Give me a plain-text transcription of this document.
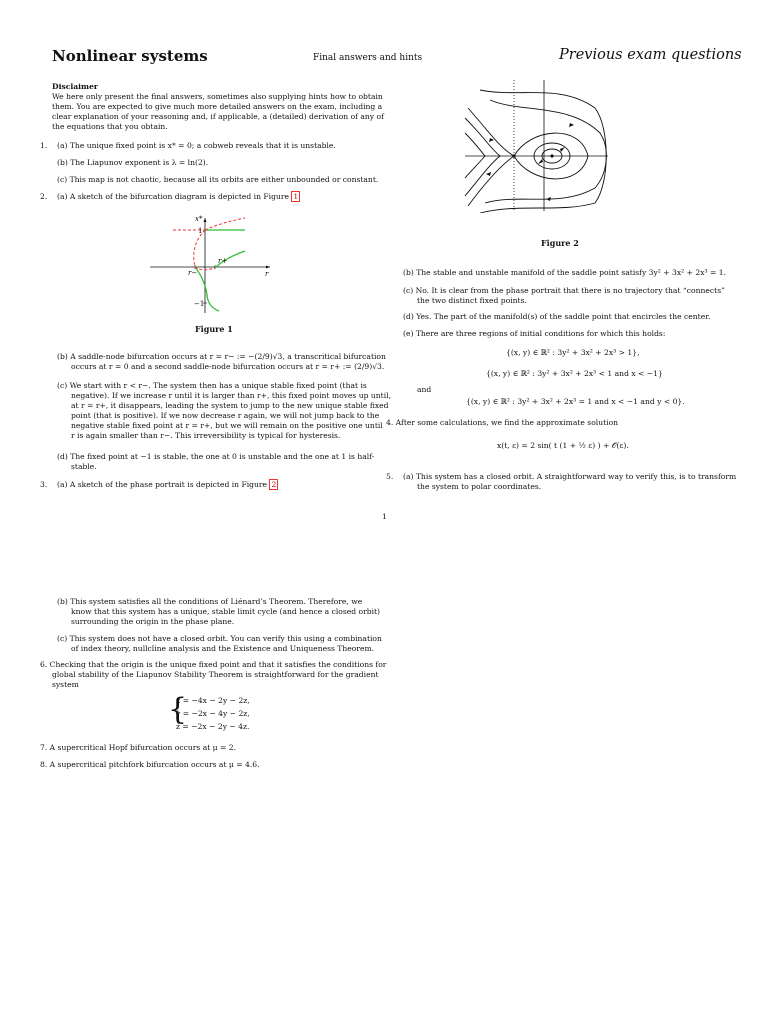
Nonlinear systems	Final answers and hints	Previous exam questions
Disclaimer
We here only present the final answers, sometimes also supplying hints how to obtain
them. You are expected to give much more detailed answers on the exam, including a
clear explanation of your reasoning and, if applicable, a (detailed) derivation of any of
the equations that you obtain.
1. (a) The unique fixed point is x* = 0; a cobweb reveals that it is unstable.
(b) The Liapunov exponent is λ = ln(2).
(c) This map is not chaotic, because all its orbits are either unbounded or constant.
2. (a) A sketch of the bifurcation diagram is depicted in Figure 1
x*
1
−1
r−
r+
r
Figure 1
(b) A saddle-node bifurcation occurs at r = r− := −(2/9)√3, a transcritical bifurcation
occurs at r = 0 and a second saddle-node bifurcation occurs at r = r+ := (2/9)√3.
(c) We start with r < r−. The system then has a unique stable fixed point (that is
negative). If we increase r until it is larger than r+, this fixed point moves up until,
at r = r+, it disappears, leading the system to jump to the new unique stable fixed
point (that is positive). If we now decrease r again, we will not jump back to the
negative stable fixed point at r = r+, but we will remain on the positive one until
r is again smaller than r−. This irreversibility is typical for hysteresis.
(d) The fixed point at −1 is stable, the one at 0 is unstable and the one at 1 is half-
stable.
3. (a) A sketch of the phase portrait is depicted in Figure 2
Figure 2
(b) The stable and unstable manifold of the saddle point satisfy 3y² + 3x² + 2x³ = 1.
(c) No. It is clear from the phase portrait that there is no trajectory that “connects”
the two distinct fixed points.
(d) Yes. The part of the manifold(s) of the saddle point that encircles the center.
(e) There are three regions of initial conditions for which this holds:
{(x, y) ∈ ℝ² : 3y² + 3x² + 2x³ > 1},
{(x, y) ∈ ℝ² : 3y² + 3x² + 2x³ < 1 and x < −1}
and
{(x, y) ∈ ℝ² : 3y² + 3x² + 2x³ = 1 and x < −1 and y < 0}.
4. After some calculations, we find the approximate solution
x(t, ε) = 2 sin( t (1 + ½ ε) ) + 𝒪(ε).
5. (a) This system has a closed orbit. A straightforward way to verify this, is to transform
the system to polar coordinates.
1
(b) This system satisfies all the conditions of Liénard’s Theorem. Therefore, we
know that this system has a unique, stable limit cycle (and hence a closed orbit)
surrounding the origin in the phase plane.
(c) This system does not have a closed orbit. You can verify this using a combination
of index theory, nullcline analysis and the Existence and Uniqueness Theorem.
6. Checking that the origin is the unique fixed point and that it satisfies the conditions for
global stability of the Liapunov Stability Theorem is straightforward for the gradient
system
{
ẋ = −4x − 2y − 2z,
ẏ = −2x − 4y − 2z,
ż = −2x − 2y − 4z.
7. A supercritical Hopf bifurcation occurs at μ = 2.
8. A supercritical pitchfork bifurcation occurs at μ = 4.6.
